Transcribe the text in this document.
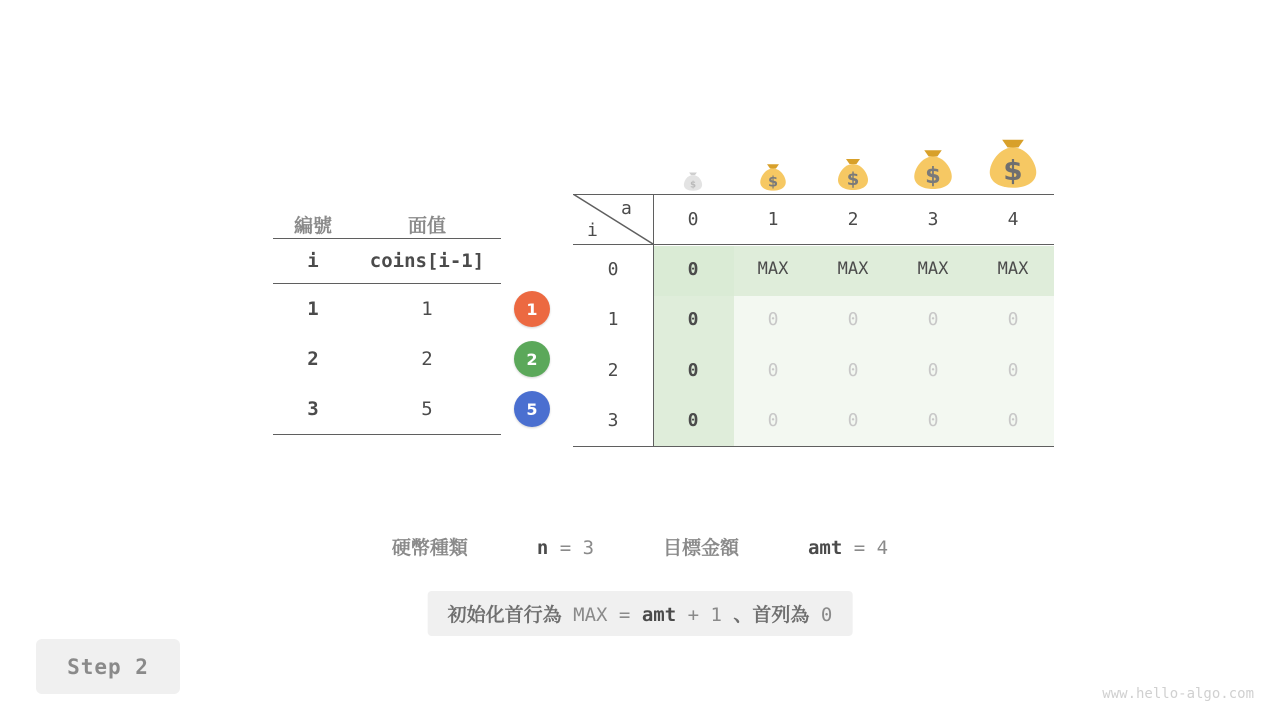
編號	面值
i	coins[i-1]
1	1	1
2	2	2
3	5	5
$	$	$	$	$
i
a	0	1	2	3	4
0	0	MAX	MAX	MAX	MAX
1	0	0	0	0	0
2	0	0	0	0	0
3	0	0	0	0	0
硬幣種類	n = 3	目標金額	amt = 4
初始化首行為 MAX = amt + 1 、首列為 0
Step 2
www.hello-algo.com
